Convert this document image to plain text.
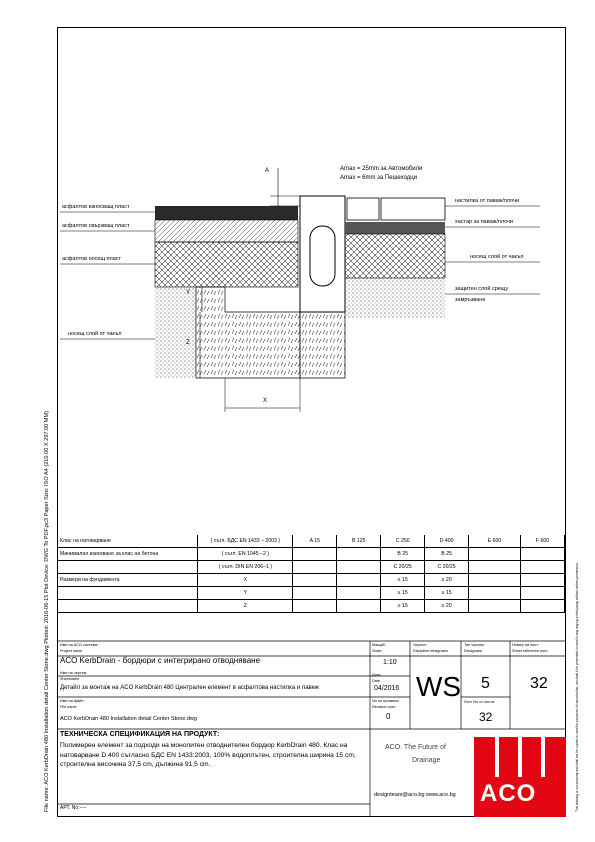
File name: ACO KerbDrain 480 Installation detail Center Stone.dwg Plotted: 2016-06-15 Plot Device: DWG To PDF.pc3 Paper Size: ISO A4 (210.00 X 297.00 MM)	This drawing is our property and shall not be copied or used for purposes of reproduction, nor shall it be presented or used in any way by a third party, without written permission.
Amax = 25mm за Автомобили
Amax = 6mm за Пешеходци
A
Y
Z
X
асфалтов износващ пласт
асфалтов свързващ пласт
асфалтов носещ пласт
носещ слой от чакъл
настилка от паваж/плочи
хастар за паваж/плочи
носещ слой от чакъл
защитен слой срещу
замръзване
Клас на натоварване	( съгл. БДС EN 1433 – 2003 )	A 15	B 125	C 250	D 400	E 600	F 600
Минимално изискване за клас на бетона	( съгл. EN 1045 –2 )			B 25	B 25		
	( съгл. DIN EN 206–1 )			C 20/25	C 20/25		
Размери на фундамента	X			≥ 15	≥ 20		
	Y			≥ 15	≥ 15		
	Z			≥ 15	≥ 20		
Име на ACO система :
Project name
ACO KerbDrain - бордюри с интегрирано отводняване
Име на чертеж:
Sheetname
Детайл за монтаж на ACO KerbDrain 480 Централен елемент в асфалтова настилка и павеж
Име на файл:
File name
ACO KerbDrain 480 Installation detail Center Stone.dwg
Мащаб:
Scale
1:10
Дата:
Date
04/2016
No на промяна:
Revision num.
0
Чертал:
Discipline designator
WS
Тип чертеж:
Designator
5
Лист No от листа:
32
Номер на лист:
Sheet reference num.
32
ТЕХНИЧЕСКА СПЕЦИФИКАЦИЯ НА ПРОДУКТ:
Полимерен елемент за подходи на монолитен отводнителен бордюр KerbDrain 480. Клас на натоварване D 400 съгласно БДС EN 1433:2003, 100% водоплътен, строителна ширина 15 cm, строителна височина 37,5 cm, дължина 91,5 cm.
АРТ. No:----
ACO. The Future of
Drainage
designteam@aco.bg www.aco.bg ACO
